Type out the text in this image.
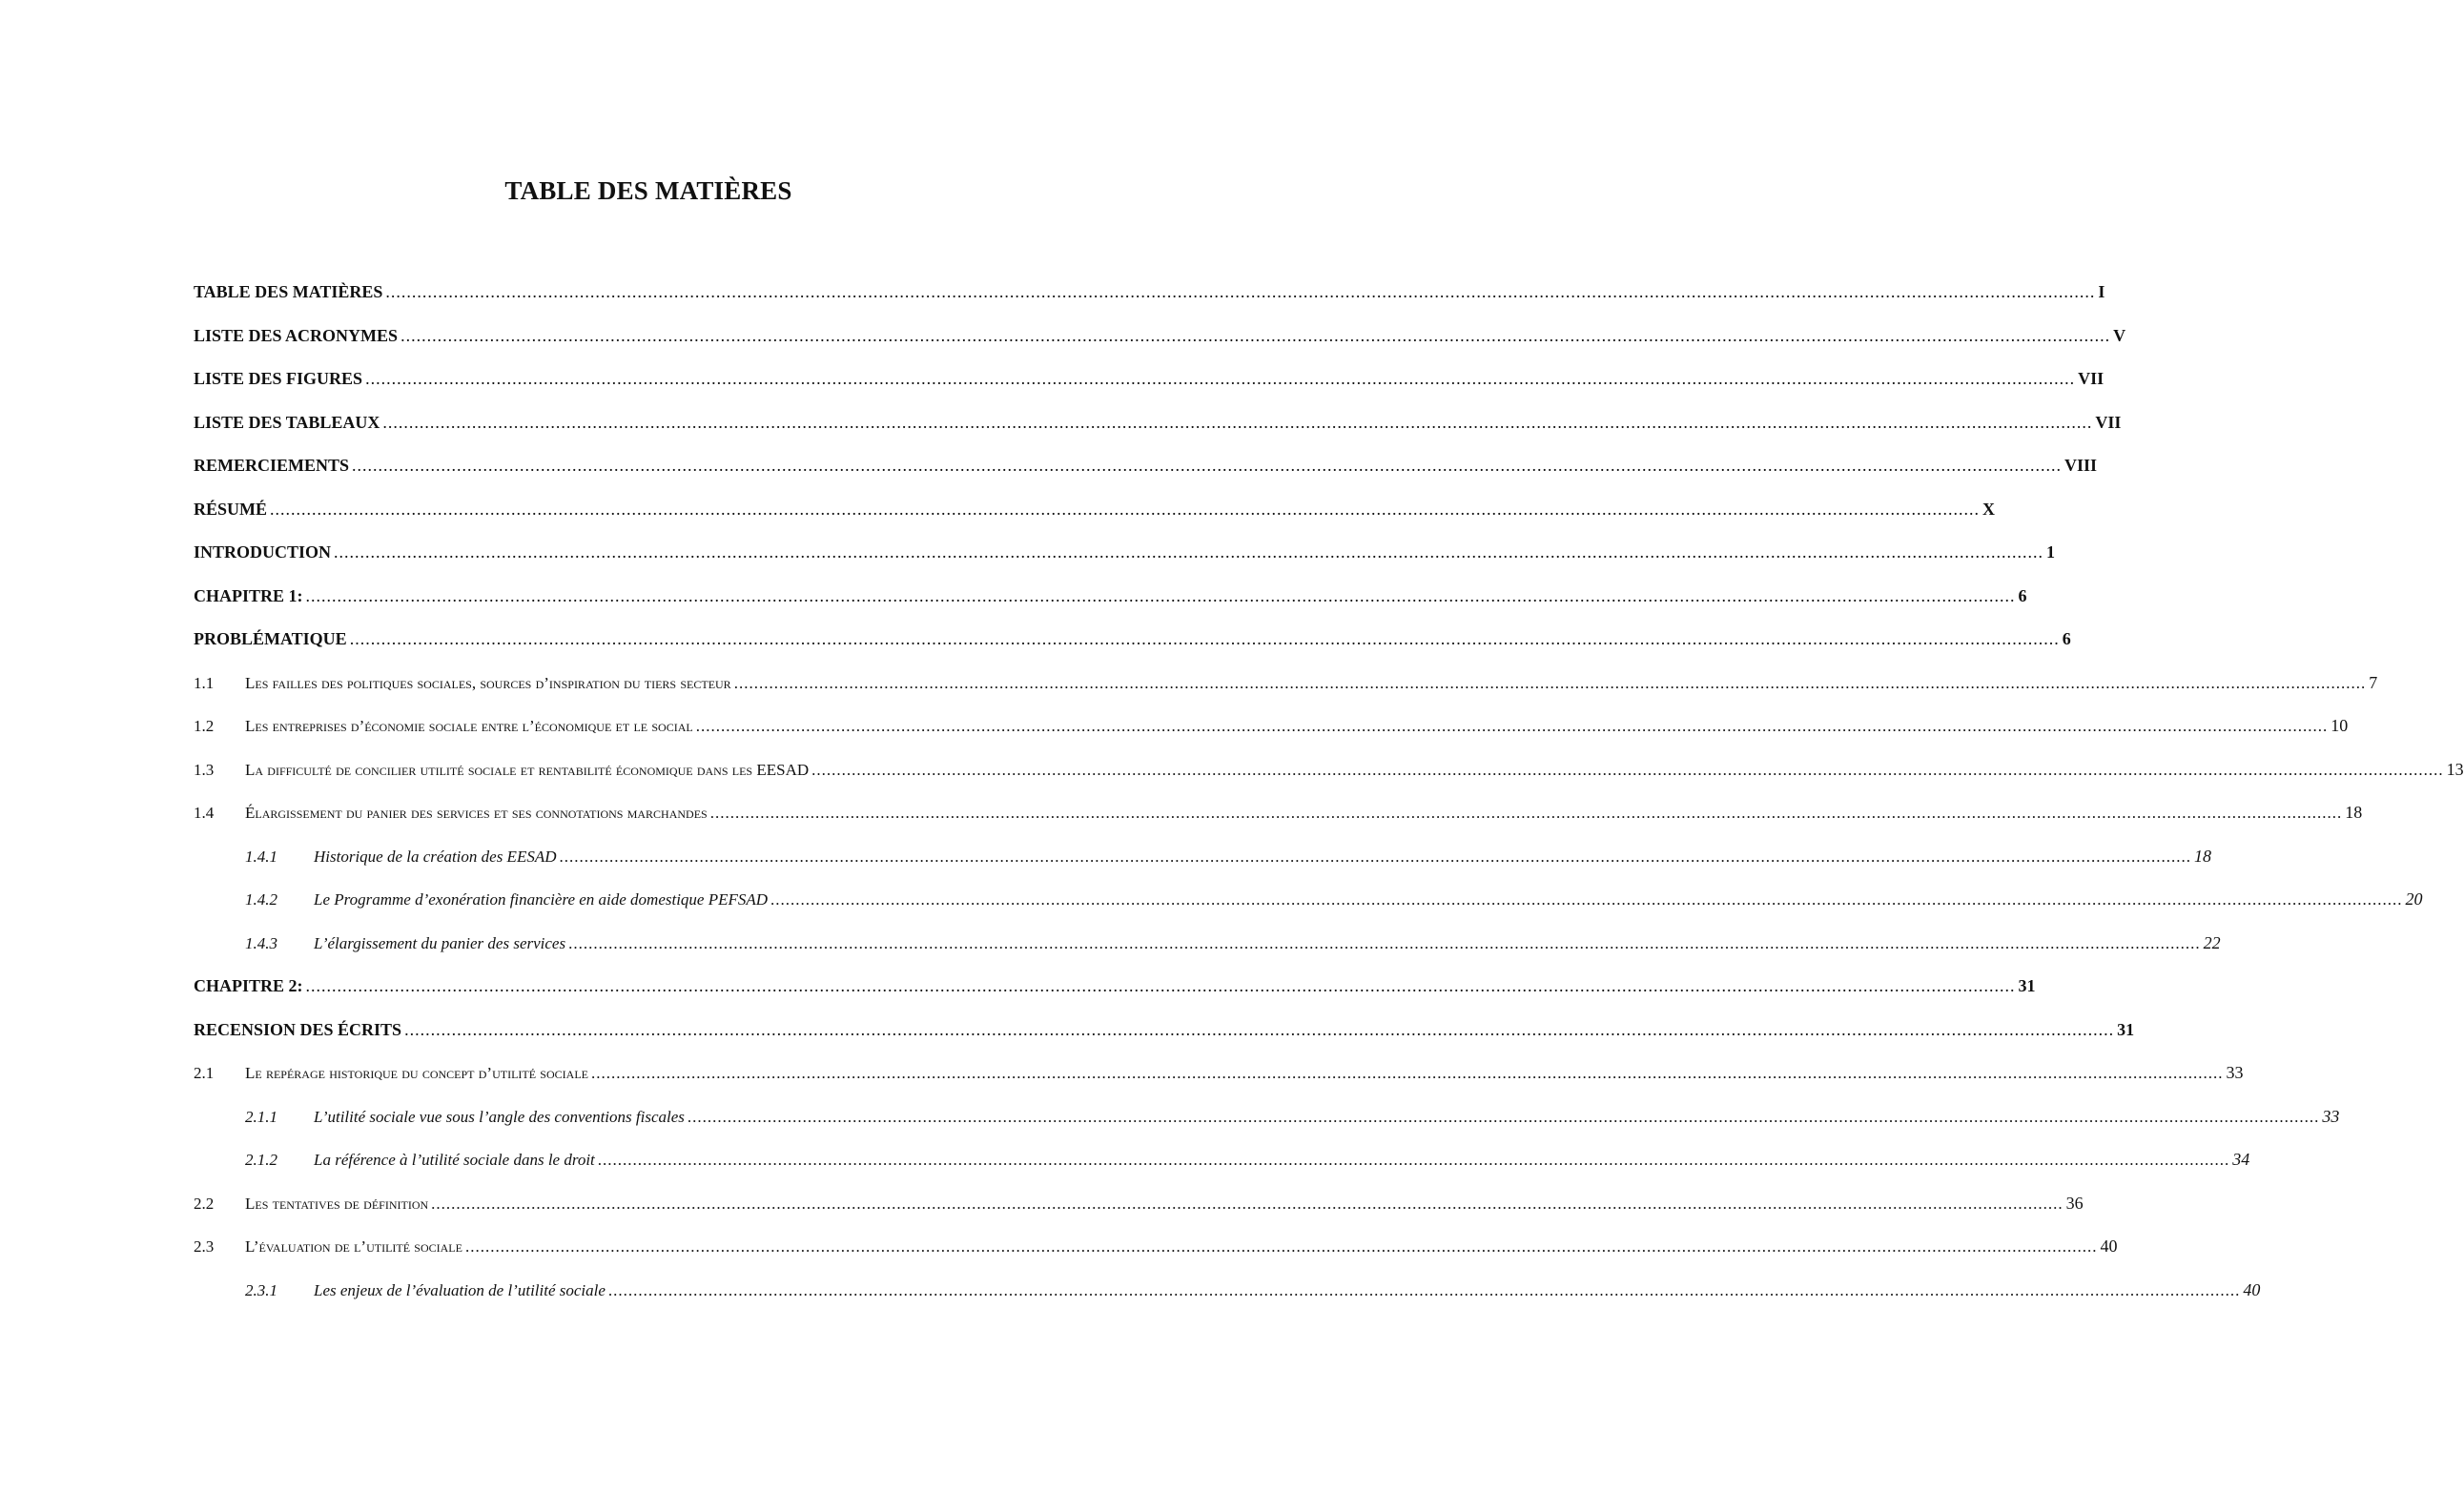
TABLE DES MATIÈRES
TABLE DES MATIÈRES .....	I
LISTE DES ACRONYMES .....	V
LISTE DES FIGURES .....	VII
LISTE DES TABLEAUX .....	VII
REMERCIEMENTS .....	VIII
RÉSUMÉ .....	X
INTRODUCTION .....	1
CHAPITRE 1: .....	6
PROBLÉMATIQUE .....	6
1.1	Les failles des politiques sociales, sources d’inspiration du tiers secteur .....	7
1.2	Les entreprises d’économie sociale entre l’économique et le social .....	10
1.3	La difficulté de concilier utilité sociale et rentabilité économique dans les EESAD .....	13
1.4	Élargissement du panier des services et ses connotations marchandes .....	18
1.4.1	Historique de la création des EESAD .....	18
1.4.2	Le Programme d’exonération financière en aide domestique PEFSAD .....	20
1.4.3	L’élargissement du panier des services .....	22
CHAPITRE 2: .....	31
RECENSION DES ÉCRITS .....	31
2.1	Le repérage historique du concept d’utilité sociale .....	33
2.1.1	L’utilité sociale vue sous l’angle des conventions fiscales .....	33
2.1.2	La référence à l’utilité sociale dans le droit .....	34
2.2	Les tentatives de définition .....	36
2.3	L’évaluation de l’utilité sociale .....	40
2.3.1	Les enjeux de l’évaluation de l’utilité sociale .....	40
